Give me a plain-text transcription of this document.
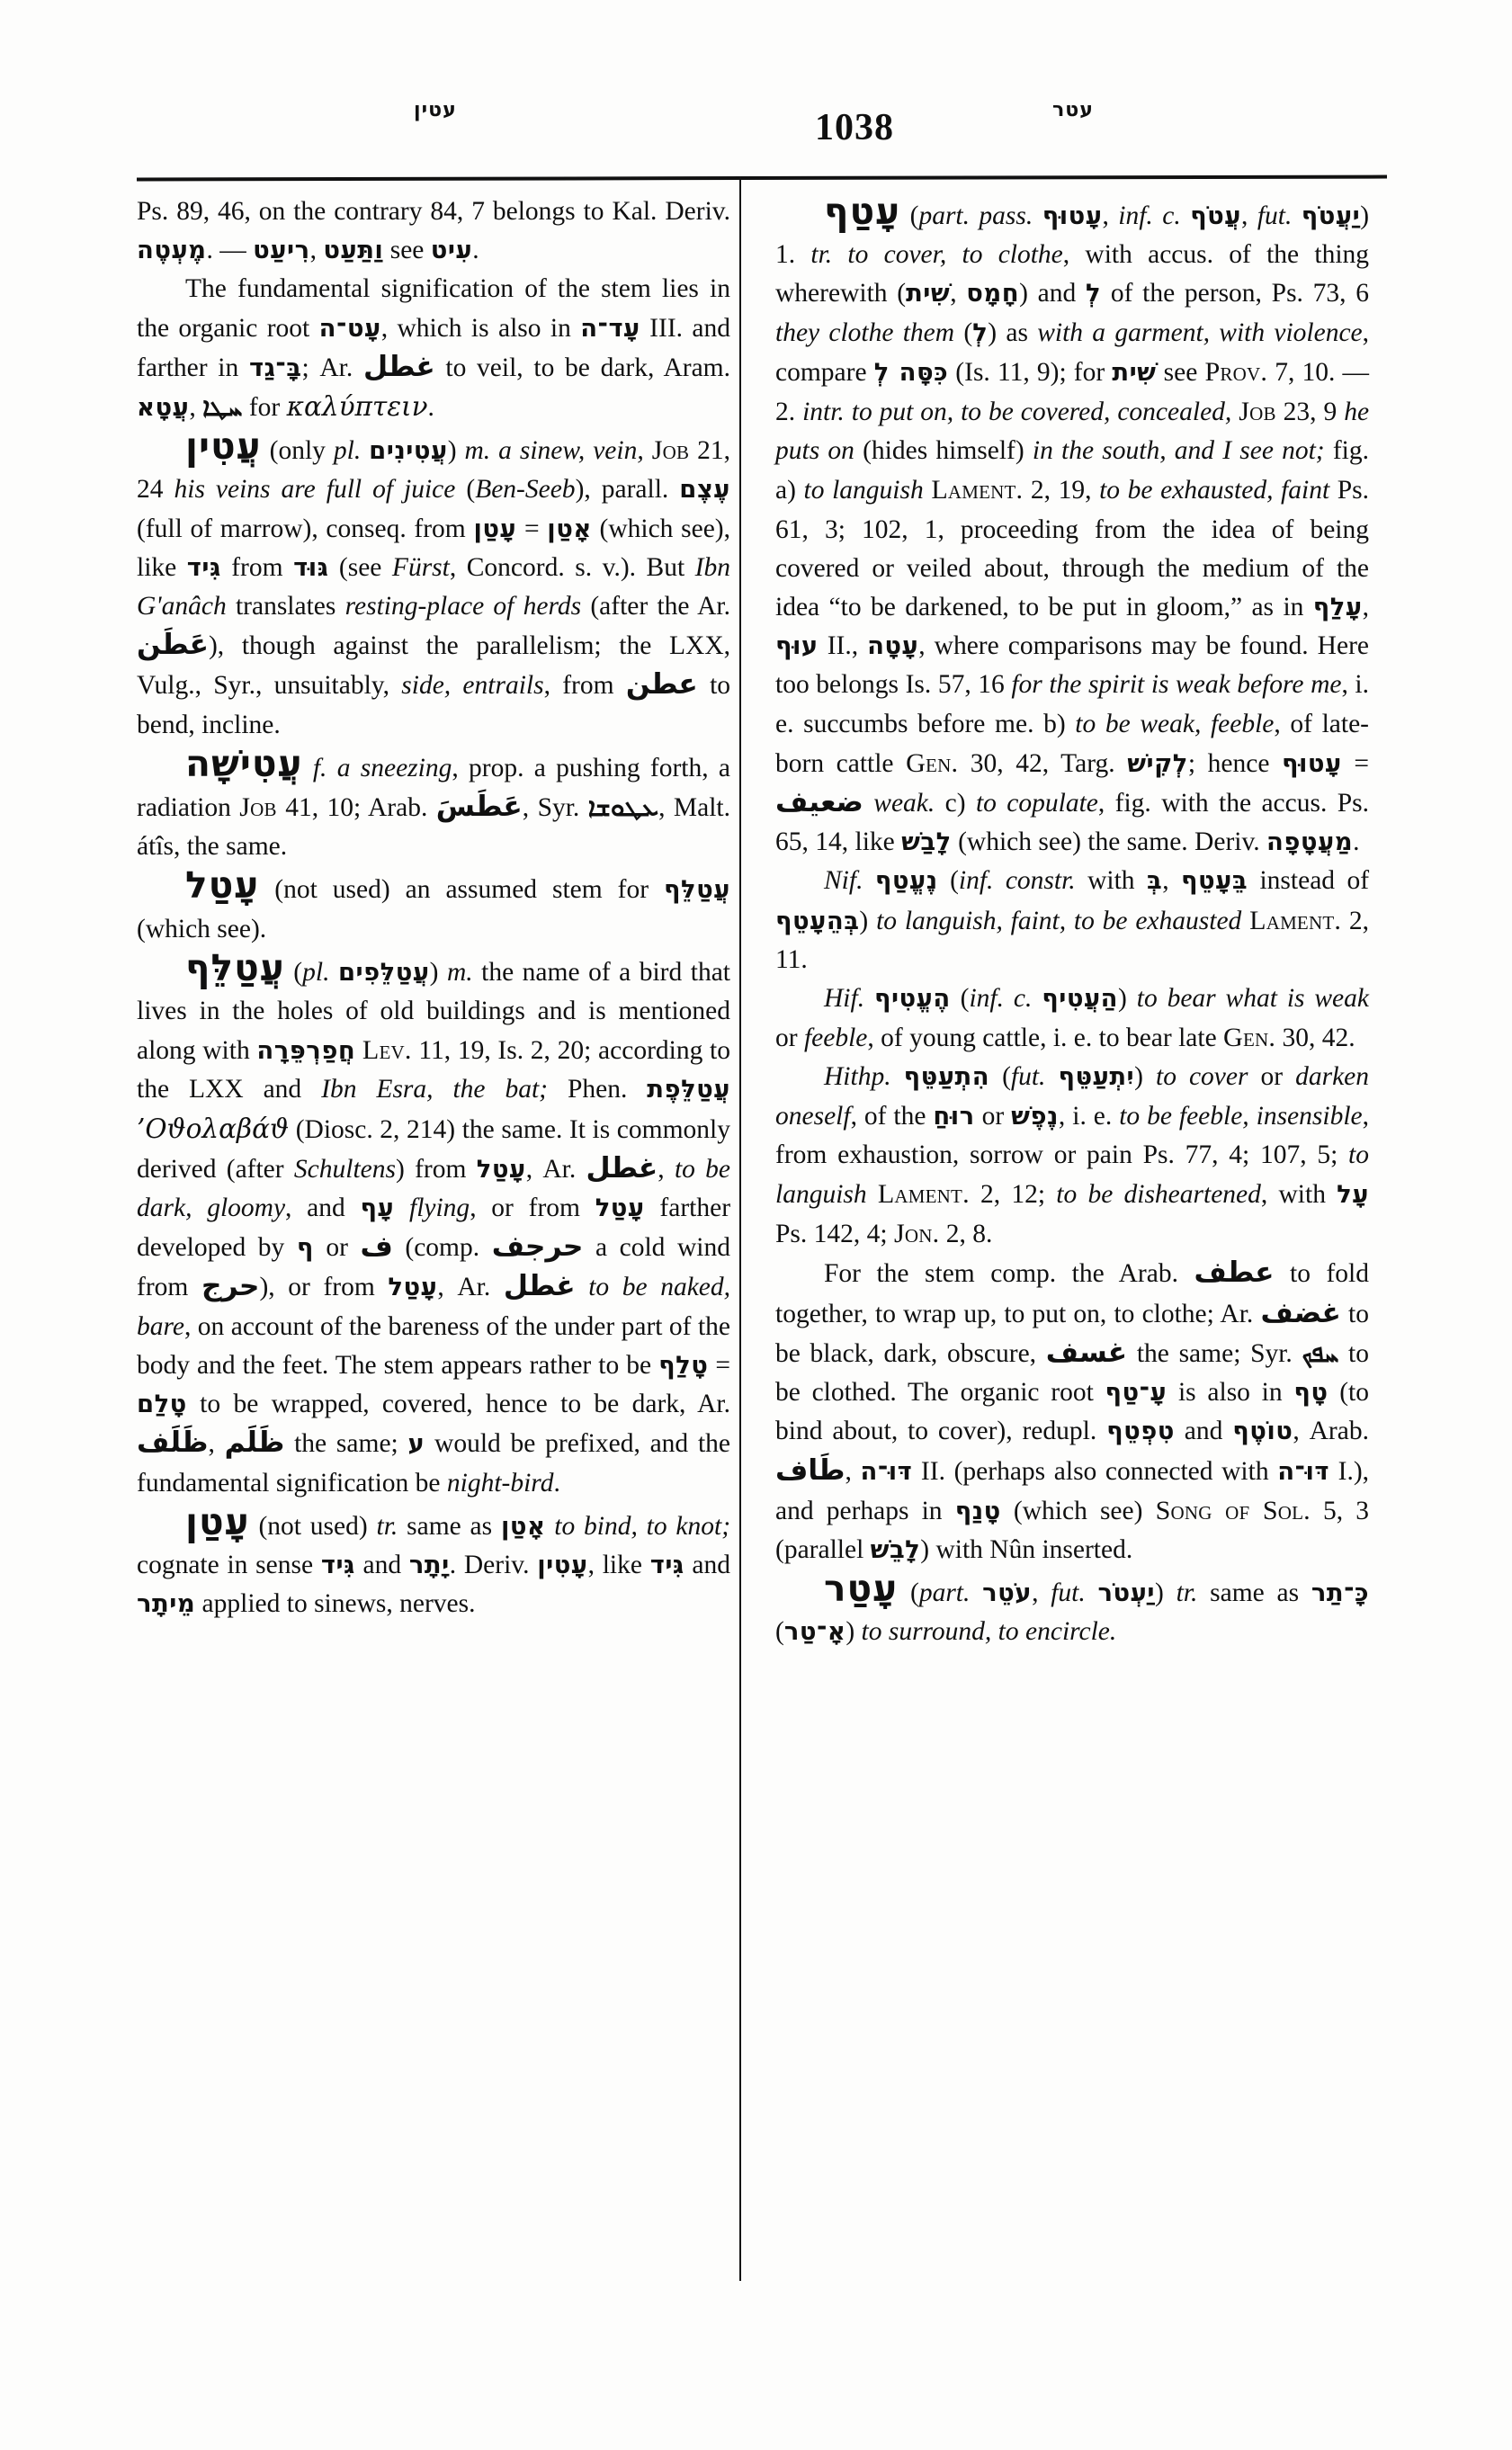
עטין	1038	עטר

Ps. 89, 46, on the contrary 84, 7 belongs to Kal. Deriv. מֶעְטֶה. — רִיעַט, וַתַּעַט see עִיט.

The fundamental signification of the stem lies in the organic root עָט־ה, which is also in עָד־ה III. and farther in בָּ־גַד; Ar. غطل to veil, to be dark, Aram. עֲטָא, ܚܛܐ for καλύπτειν.

עֲטִין (only pl. עֲטִינִים) m. a sinew, vein, Job 21, 24 his veins are full of juice (Ben-Seeb), parall. עֶצֶם (full of marrow), conseq. from עָטַן = אָטַן (which see), like גִּיד from גּוּד (see Fürst, Concord. s. v.). But Ibn G'anâch translates resting-place of herds (after the Ar. عَطَن), though against the parallelism; the LXX, Vulg., Syr., unsuitably, side, entrails, from عطن to bend, incline.

עֲטִישָׁה f. a sneezing, prop. a pushing forth, a radiation Job 41, 10; Arab. عَطَسَ, Syr. ܥܛܘܫܐ, Malt. átîs, the same.

עָטַל (not used) an assumed stem for עֲטַלֵּף (which see).

עֲטַלֵּף (pl. עֲטַלֵּפִים) m. the name of a bird that lives in the holes of old buildings and is mentioned along with חֲפַרְפֵּרָה Lev. 11, 19, Is. 2, 20; according to the LXX and Ibn Esra, the bat; Phen. עֲטַלֵּפֶת ’Οϑολαβάϑ (Diosc. 2, 214) the same. It is commonly derived (after Schultens) from עָטַל, Ar. غطل, to be dark, gloomy, and עָף flying, or from עָטַל farther developed by ף or ف (comp. حرجف a cold wind from حرج), or from עָטַל, Ar. غطل to be naked, bare, on account of the bareness of the under part of the body and the feet. The stem appears rather to be טָלַף = טָלַם to be wrapped, covered, hence to be dark, Ar. ظَلَف, ظَلَم the same; ע would be prefixed, and the fundamental signification be night-bird.

עָטַן (not used) tr. same as אָטַן to bind, to knot; cognate in sense גִּיד and יָתָר. Deriv. עָטִין, like גִּיד and מֵיתָר applied to sinews, nerves.

עָטַף (part. pass. עָטוּף, inf. c. עֲטֹף, fut. יַעֲטֹף) 1. tr. to cover, to clothe, with accus. of the thing wherewith (שִׁית, חָמָס) and לְ of the person, Ps. 73, 6 they clothe them (לְ) as with a garment, with violence, compare כִּסָּה לְ (Is. 11, 9); for שִׁית see Prov. 7, 10. — 2. intr. to put on, to be covered, concealed, Job 23, 9 he puts on (hides himself) in the south, and I see not; fig. a) to languish Lament. 2, 19, to be exhausted, faint Ps. 61, 3; 102, 1, proceeding from the idea of being covered or veiled about, through the medium of the idea “to be darkened, to be put in gloom,” as in עָלַף, עוּף II., עָטָה, where comparisons may be found. Here too belongs Is. 57, 16 for the spirit is weak before me, i. e. succumbs before me. b) to be weak, feeble, of late-born cattle Gen. 30, 42, Targ. לְקִישׁ; hence עָטוּף = ضعيف weak. c) to copulate, fig. with the accus. Ps. 65, 14, like לָבַשׁ (which see) the same. Deriv. מַעֲטָפָה.

Nif. נֶעֱטַף (inf. constr. with בְּ, בֵּעָטֵף instead of בְּהֵעָטֵף) to languish, faint, to be exhausted Lament. 2, 11.

Hif. הֶעֱטִיף (inf. c. הַעֲטִיף) to bear what is weak or feeble, of young cattle, i. e. to bear late Gen. 30, 42.

Hithp. הִתְעַטֵּף (fut. יִתְעַטֵּף) to cover or darken oneself, of the רוּחַ or נֶפֶשׁ, i. e. to be feeble, insensible, from exhaustion, sorrow or pain Ps. 77, 4; 107, 5; to languish Lament. 2, 12; to be disheartened, with עָל Ps. 142, 4; Jon. 2, 8.

For the stem comp. the Arab. عطف to fold together, to wrap up, to put on, to clothe; Ar. غضف to be black, dark, obscure, غسف the same; Syr. ܚܦܟ to be clothed. The organic root עָ־טַף is also in טָף (to bind about, to cover), redupl. טִפְטֵף and טוֹטֶף, Arab. طَاف, דּוּ־ה II. (perhaps also connected with דּוּ־ה I.), and perhaps in טָנַף (which see) Song of Sol. 5, 3 (parallel לָבֵשׁ) with Nûn inserted.

עָטַר (part. עֹטֵר, fut. יַעְטֹר) tr. same as כָּ־תַר (אָ־טַר) to surround, to encircle.
